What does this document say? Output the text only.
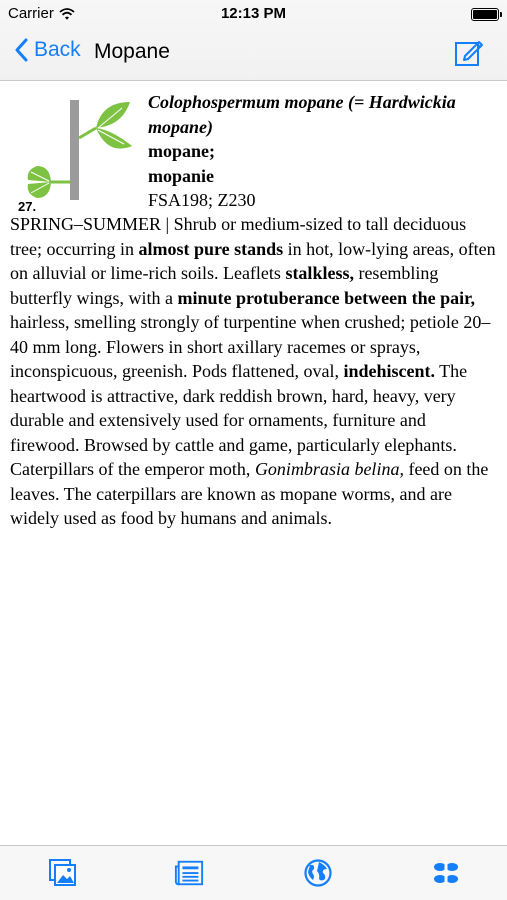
Back Mopane
Carrier	12:13 PM
27.
Colophospermum mopane (= Hardwickia mopane)
mopane;
mopanie
FSA198; Z230

SPRING–SUMMER | Shrub or medium-sized to tall deciduous tree; occurring in almost pure stands in hot, low-lying areas, often on alluvial or lime-rich soils. Leaflets stalkless, resembling butterfly wings, with a minute protuberance between the pair, hairless, smelling strongly of turpentine when crushed; petiole 20–40 mm long. Flowers in short axillary racemes or sprays, inconspicuous, greenish. Pods flattened, oval, indehiscent. The heartwood is attractive, dark reddish brown, hard, heavy, very durable and extensively used for ornaments, furniture and firewood. Browsed by cattle and game, particularly elephants. Caterpillars of the emperor moth, Gonimbrasia belina, feed on the leaves. The caterpillars are known as mopane worms, and are widely used as food by humans and animals.
